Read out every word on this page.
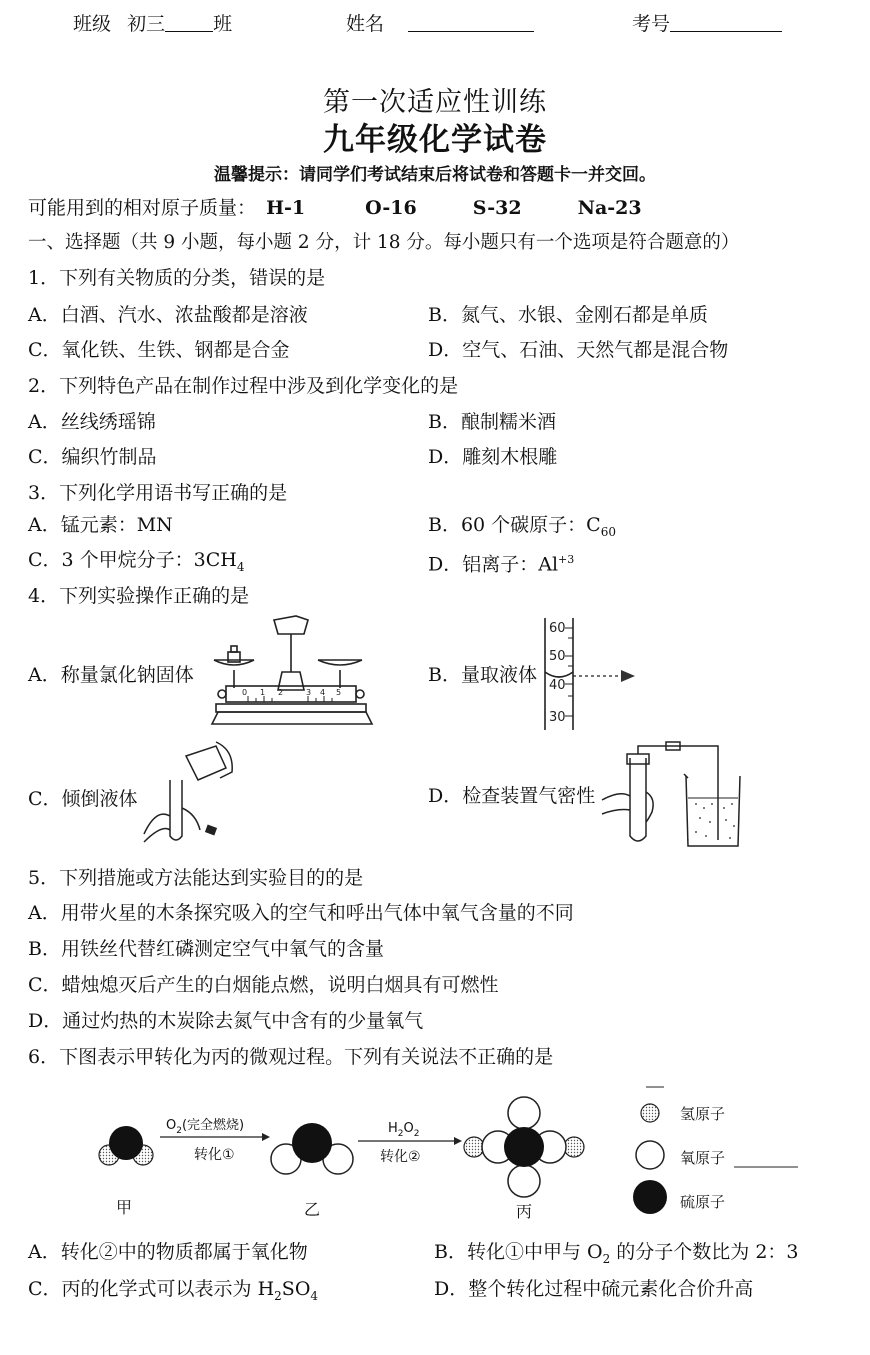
班级 初三	班	姓名	考号
第一次适应性训练
九年级化学试卷
温馨提示：请同学们考试结束后将试卷和答题卡一并交回。
可能用到的相对原子质量： H-1	O-16	S-32	Na-23
一、选择题（共 9 小题，每小题 2 分，计 18 分。每小题只有一个选项是符合题意的）
1．下列有关物质的分类，错误的是
A．白酒、汽水、浓盐酸都是溶液	B．氮气、水银、金刚石都是单质
C．氧化铁、生铁、钢都是合金	D．空气、石油、天然气都是混合物
2．下列特色产品在制作过程中涉及到化学变化的是
A．丝线绣瑶锦	B．酿制糯米酒
C．编织竹制品	D．雕刻木根雕
3．下列化学用语书写正确的是
A．锰元素：MN	B．60 个碳原子：$C_{60}$
C．3 个甲烷分子：$3CH_4$	D．铝离子：$Al^{+3}$
4．下列实验操作正确的是
A．称量氯化钠固体	B．量取液体
C．倾倒液体	D．检查装置气密性
0 1 2	3 4 5
60
50
40
30
5．下列措施或方法能达到实验目的的是
A．用带火星的木条探究吸入的空气和呼出气体中氧气含量的不同
B．用铁丝代替红磷测定空气中氧气的含量
C．蜡烛熄灭后产生的白烟能点燃，说明白烟具有可燃性
D．通过灼热的木炭除去氮气中含有的少量氧气
6．下图表示甲转化为丙的微观过程。下列有关说法不正确的是
$O_2$(完全燃烧)
转化①
$H_2O_2$
转化②
甲	乙	丙
氢原子
氧原子
硫原子
A．转化②中的物质都属于氧化物	B．转化①中甲与 $O_2$ 的分子个数比为 2：3
C．丙的化学式可以表示为 $H_2SO_4$	D．整个转化过程中硫元素化合价升高
